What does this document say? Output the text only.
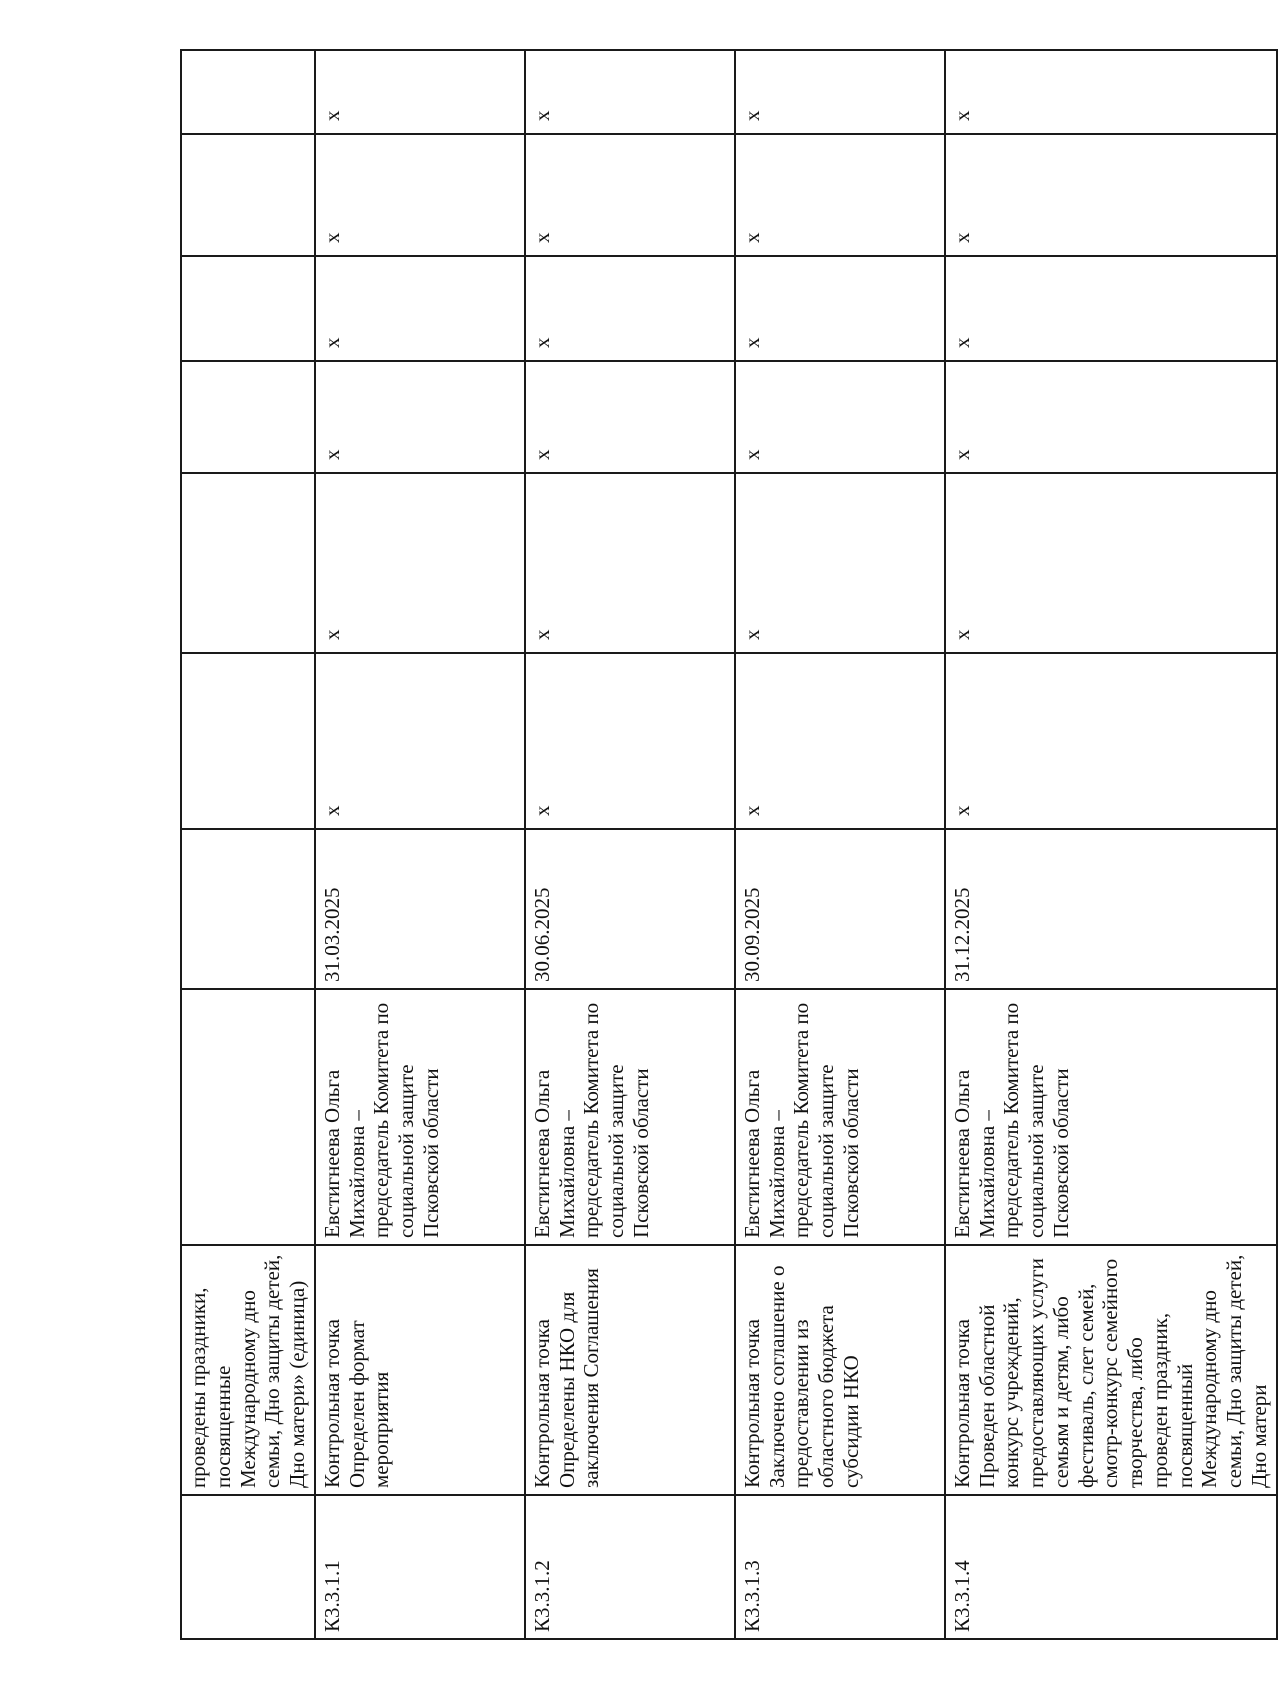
	проведены праздники, посвященные Международному дно семьи, Дно защиты детей, Дно матери» (единица)								
К3.3.1.1	Контрольная точка Определен формат мероприятия	Евстигнеева Ольга Михайловна – председатель Комитета по социальной защите Псковской области	31.03.2025	х	х	х	х	х	х

К3.3.1.2	Контрольная точка Определены НКО для заключения Соглашения	Евстигнеева Ольга Михайловна – председатель Комитета по социальной защите Псковской области	30.06.2025	х	х	х	х	х	х

К3.3.1.3	Контрольная точка Заключено соглашение о предоставлении из областного бюджета субсидии НКО	Евстигнеева Ольга Михайловна – председатель Комитета по социальной защите Псковской области	30.09.2025	х	х	х	х	х	х

К3.3.1.4	Контрольная точка Проведен областной конкурс учреждений, предоставляющих услуги семьям и детям, либо фестиваль, слет семей, смотр-конкурс семейного творчества, либо проведен праздник, посвященный Международному дно семьи, Дно защиты детей, Дно матери	Евстигнеева Ольга Михайловна – председатель Комитета по социальной защите Псковской области	31.12.2025	х	х	х	х	х	х
